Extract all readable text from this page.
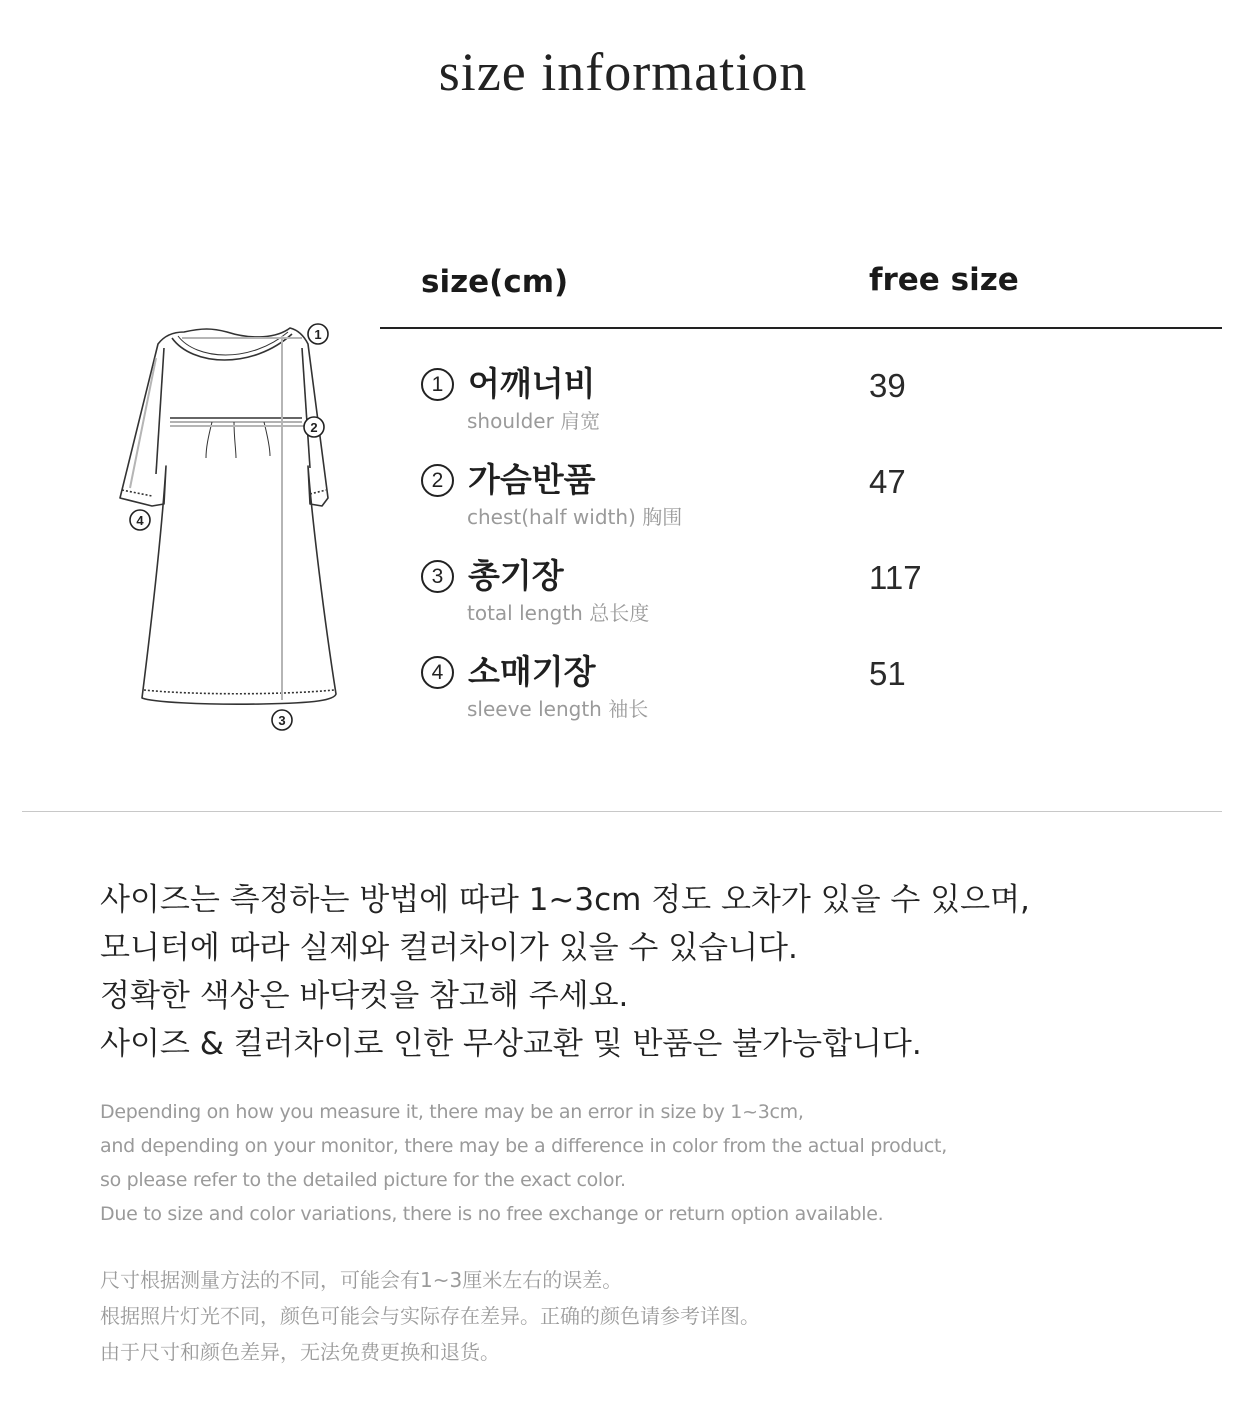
size information
1
2
3
4
size(cm)	free size
1 어깨너비
shoulder 肩宽
39
2 가슴반품
chest(half width) 胸围
47
3 총기장
total length 总长度
117
4 소매기장
sleeve length 袖长
51
사이즈는 측정하는 방법에 따라 1~3cm 정도 오차가 있을 수 있으며,
모니터에 따라 실제와 컬러차이가 있을 수 있습니다.
정확한 색상은 바닥컷을 참고해 주세요.
사이즈 & 컬러차이로 인한 무상교환 및 반품은 불가능합니다.
Depending on how you measure it, there may be an error in size by 1~3cm,
and depending on your monitor, there may be a difference in color from the actual product,
so please refer to the detailed picture for the exact color.
Due to size and color variations, there is no free exchange or return option available.
尺寸根据测量方法的不同，可能会有1~3厘米左右的误差。
根据照片灯光不同，颜色可能会与实际存在差异。正确的颜色请参考详图。
由于尺寸和颜色差异，无法免费更换和退货。
